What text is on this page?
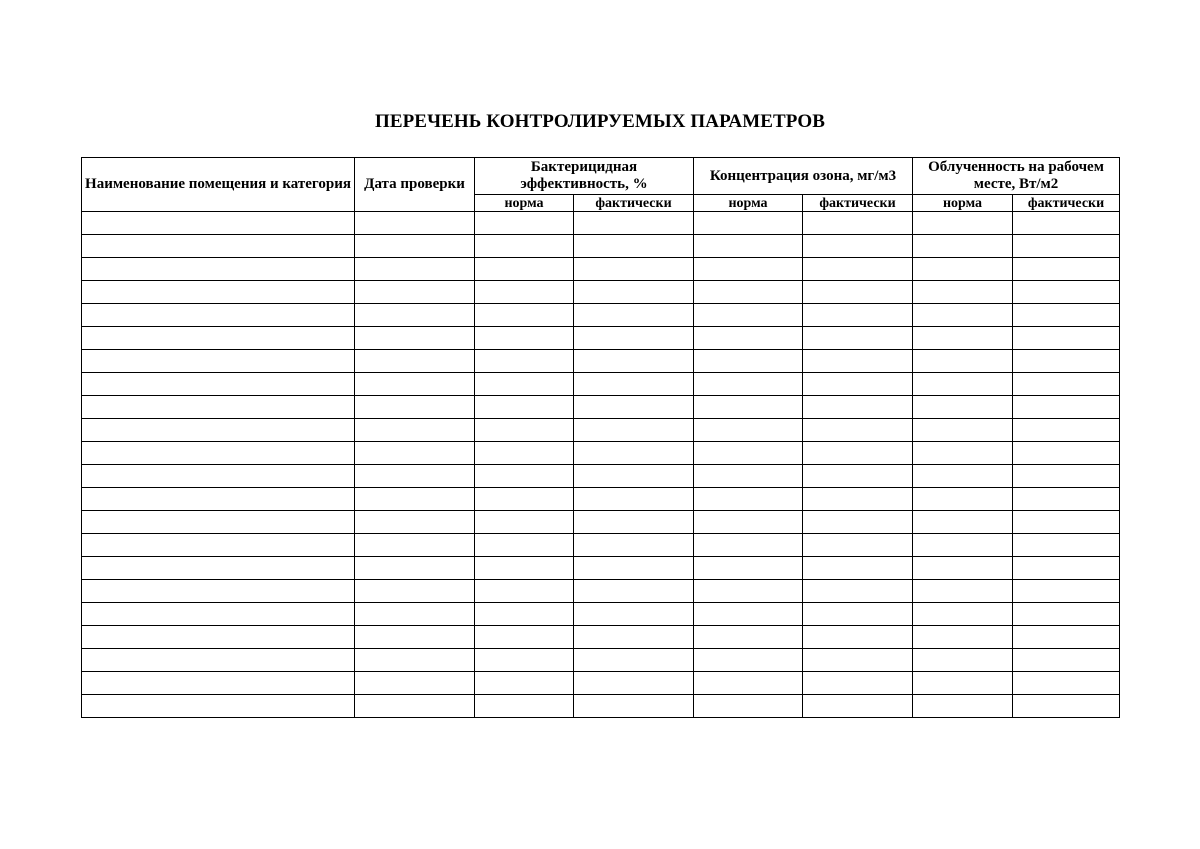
ПЕРЕЧЕНЬ КОНТРОЛИРУЕМЫХ ПАРАМЕТРОВ
Наименование помещения и категория	Дата проверки	Бактерицидная эффективность, %		Концентрация озона, мг/м3		Облученность на рабочем месте, Вт/м2	
		норма	фактически	норма	фактически	норма	фактически
